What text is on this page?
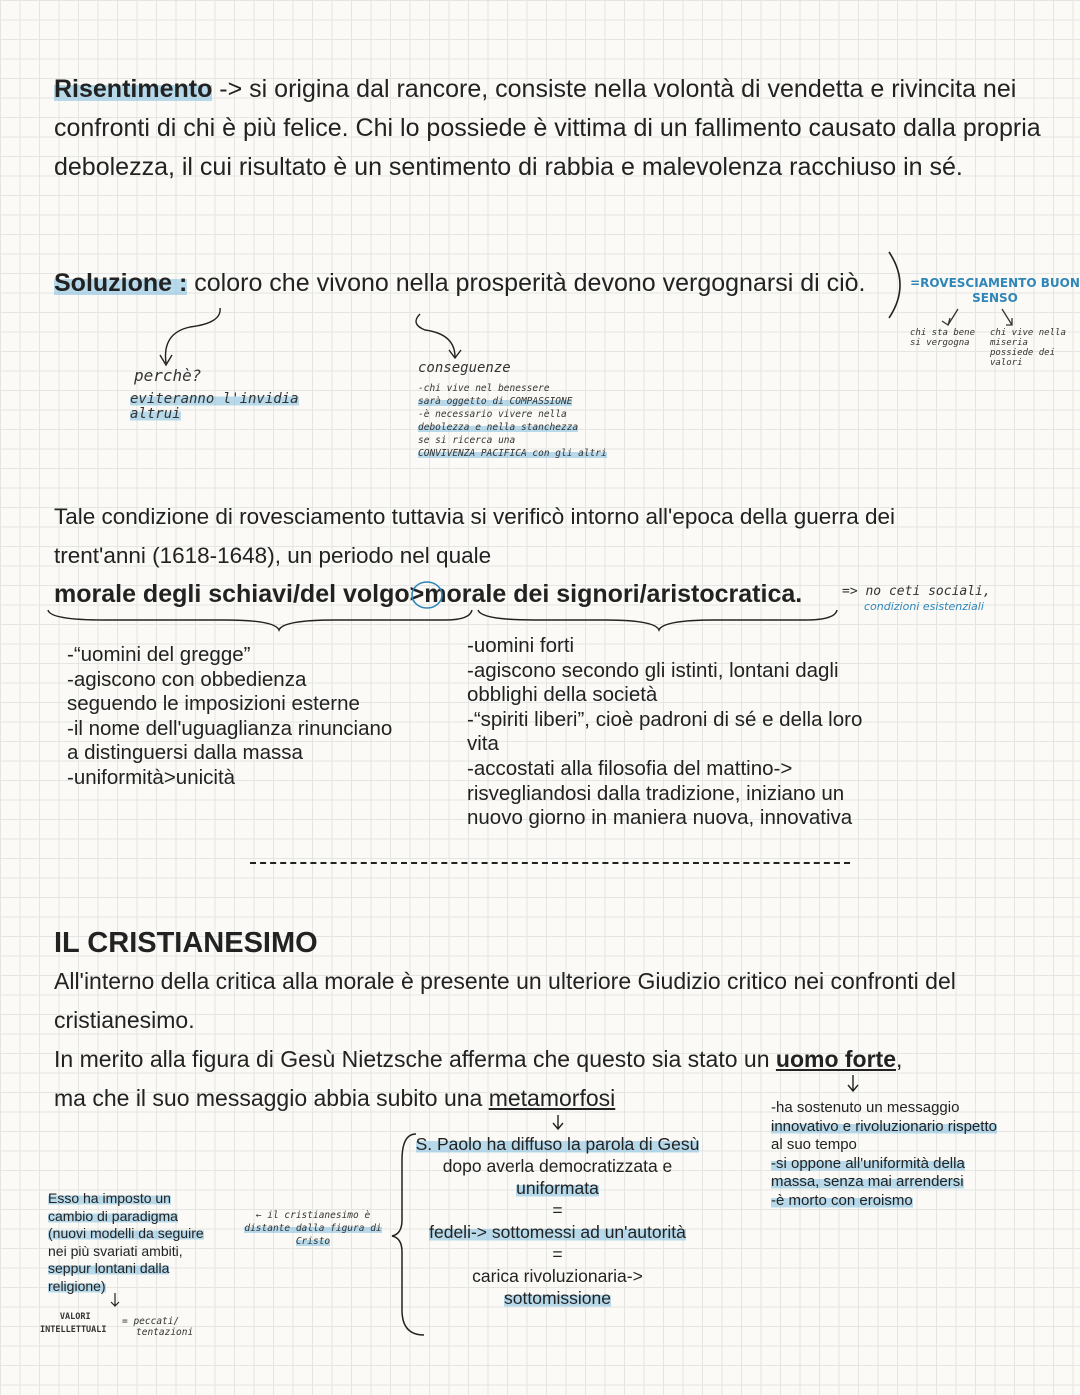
Risentimento -> si origina dal rancore, consiste nella volontà di vendetta e rivincita nei confronti di chi è più felice. Chi lo possiede è vittima di un fallimento causato dalla propria debolezza, il cui risultato è un sentimento di rabbia e malevolenza racchiuso in sé.
Soluzione : coloro che vivono nella prosperità devono vergognarsi di ciò.	=ROVESCIAMENTO BUON SENSO
chi sta bene si vergogna
chi vive nella miseria possiede dei valori
perchè?
eviteranno l'invidia altrui
conseguenze
-chi vive nel benessere
sarà oggetto di COMPASSIONE
-è necessario vivere nella
debolezza e nella stanchezza
se si ricerca una
CONVIVENZA PACIFICA con gli altri
Tale condizione di rovesciamento tuttavia si verificò intorno all'epoca della guerra dei trent'anni (1618-1648), un periodo nel quale
morale degli schiavi/del volgo>morale dei signori/aristocratica.	=> no ceti sociali,
condizioni esistenziali
-“uomini del gregge”
-agiscono con obbedienza
seguendo le imposizioni esterne
-il nome dell'uguaglianza rinunciano
a distinguersi dalla massa
-uniformità>unicità
-uomini forti
-agiscono secondo gli istinti, lontani dagli
obblighi della società
-“spiriti liberi”, cioè padroni di sé e della loro
vita
-accostati alla filosofia del mattino->
risvegliandosi dalla tradizione, iniziano un
nuovo giorno in maniera nuova, innovativa
IL CRISTIANESIMO
All'interno della critica alla morale è presente un ulteriore Giudizio critico nei confronti del cristianesimo.
In merito alla figura di Gesù Nietzsche afferma che questo sia stato un uomo forte,
ma che il suo messaggio abbia subito una metamorfosi
S. Paolo ha diffuso la parola di Gesù
dopo averla democratizzata e
uniformata
=
fedeli-> sottomessi ad un'autorità
=
carica rivoluzionaria->
sottomissione
-ha sostenuto un messaggio
innovativo e rivoluzionario rispetto
al suo tempo
-si oppone all'uniformità della
massa, senza mai arrendersi
-è morto con eroismo
Esso ha imposto un
cambio di paradigma
(nuovi modelli da seguire
nei più svariati ambiti,
seppur lontani dalla
religione)
VALORI
INTELLETTUALI
= peccati/
tentazioni
← il cristianesimo è
distante dalla figura di
Cristo
